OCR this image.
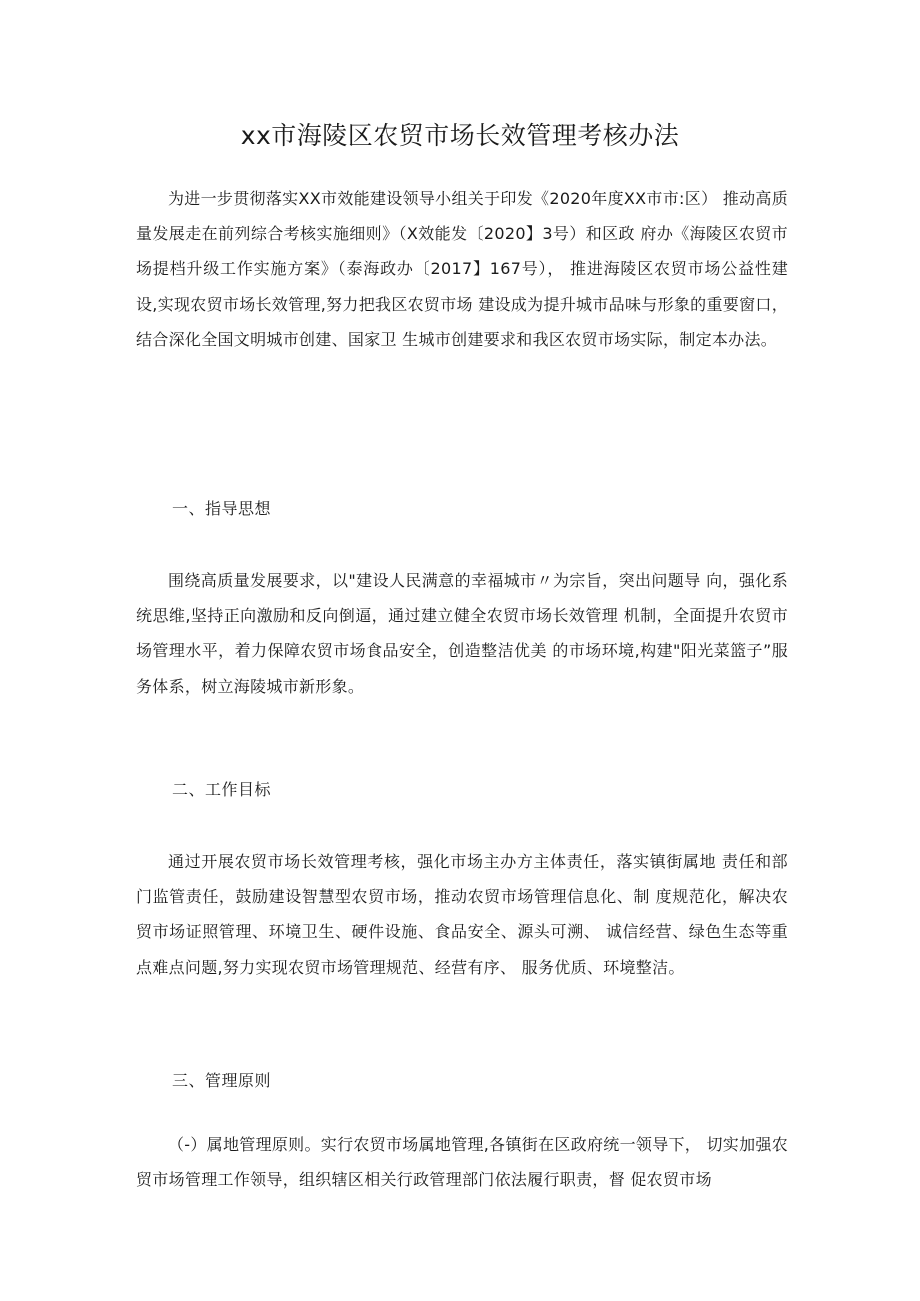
xx市海陵区农贸市场长效管理考核办法

为进一步贯彻落实XX市效能建设领导小组关于印发《2020年度XX市市:区） 推动高质量发展走在前列综合考核实施细则》（X效能发〔2020】3号）和区政 府办《海陵区农贸市场提档升级工作实施方案》（泰海政办〔2017】167号）， 推进海陵区农贸市场公益性建设,实现农贸市场长效管理,努力把我区农贸市场 建设成为提升城市品味与形象的重要窗口，结合深化全国文明城市创建、国家卫 生城市创建要求和我区农贸市场实际，制定本办法。

一、指导思想

围绕高质量发展要求，以"建设人民满意的幸福城市〃为宗旨，突出问题导 向，强化系统思维,坚持正向激励和反向倒逼，通过建立健全农贸市场长效管理 机制，全面提升农贸市场管理水平，着力保障农贸市场食品安全，创造整洁优美 的市场环境,构建"阳光菜篮子”服务体系，树立海陵城市新形象。

二、工作目标

通过开展农贸市场长效管理考核，强化市场主办方主体责任，落实镇街属地 责任和部门监管责任，鼓励建设智慧型农贸市场，推动农贸市场管理信息化、制 度规范化，解决农贸市场证照管理、环境卫生、硬件设施、食品安全、源头可溯、 诚信经营、绿色生态等重点难点问题,努力实现农贸市场管理规范、经营有序、 服务优质、环境整洁。

三、管理原则

（-）属地管理原则。实行农贸市场属地管理,各镇街在区政府统一领导下， 切实加强农贸市场管理工作领导，组织辖区相关行政管理部门依法履行职责，督 促农贸市场
